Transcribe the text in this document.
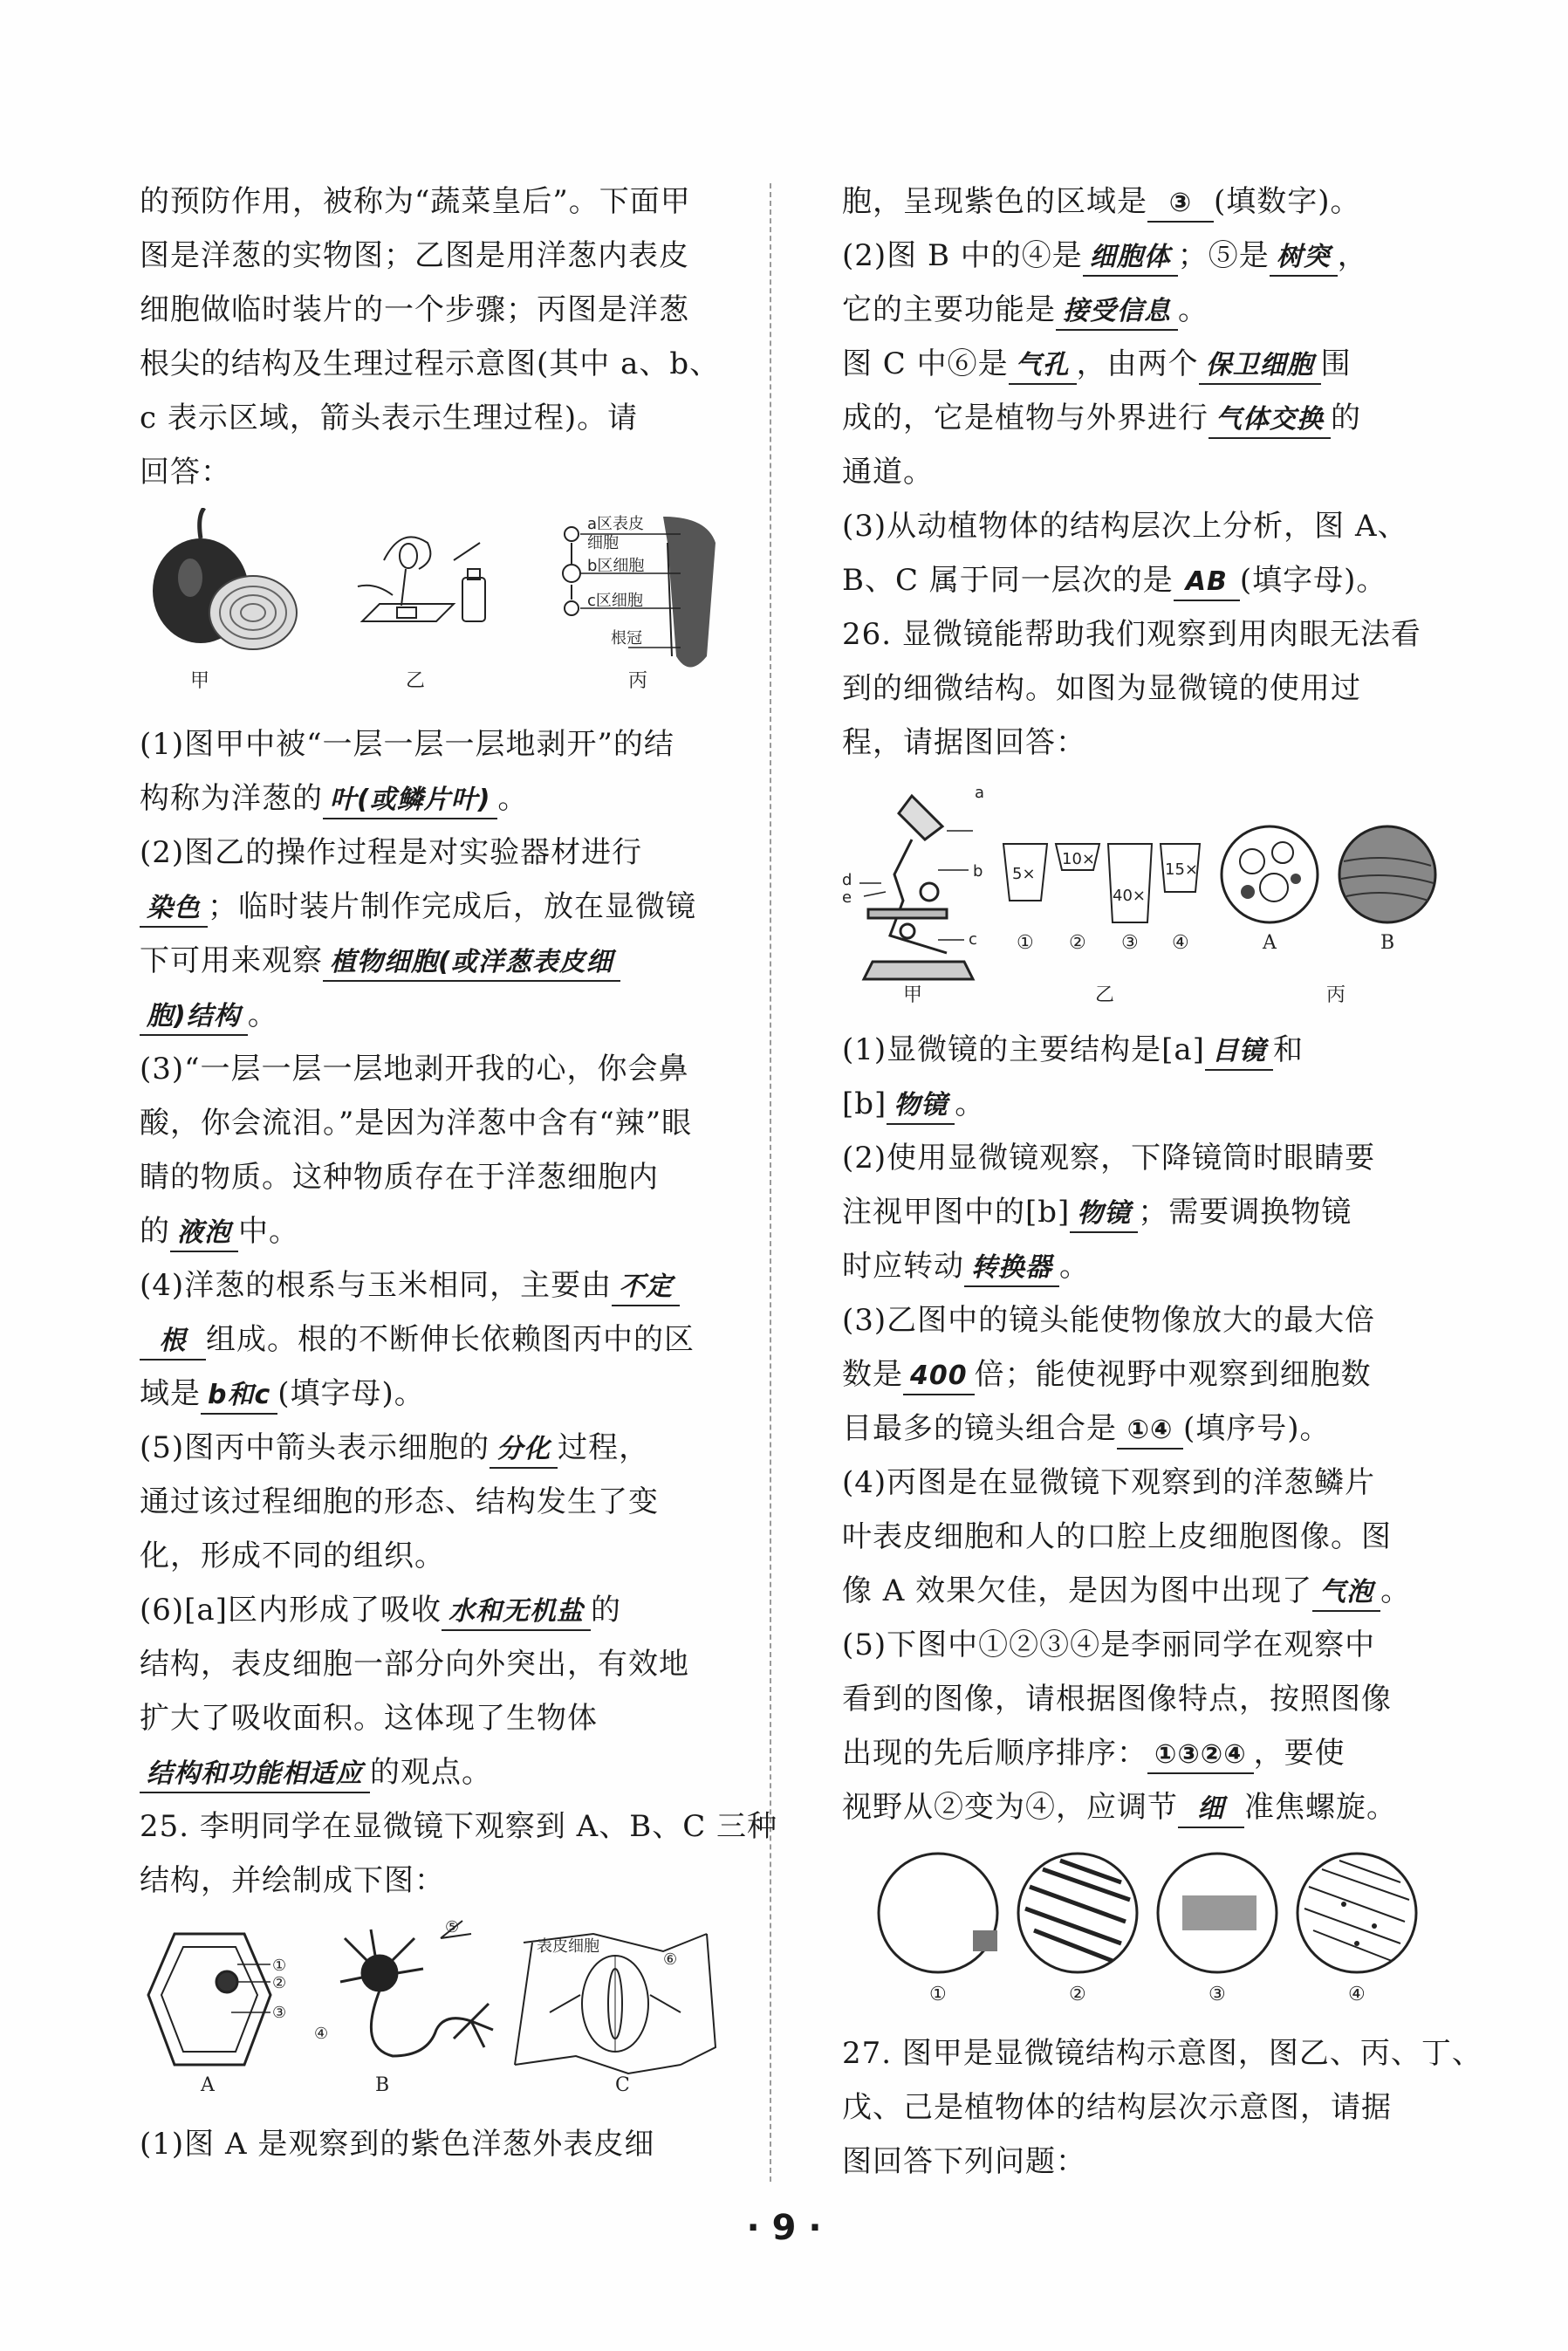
的预防作用，被称为“蔬菜皇后”。下面甲

图是洋葱的实物图；乙图是用洋葱内表皮

细胞做临时装片的一个步骤；丙图是洋葱

根尖的结构及生理过程示意图(其中 a、b、

c 表示区域，箭头表示生理过程)。请

回答：

甲	乙
a区表皮
细胞
b区细胞
c区细胞
根冠
丙

(1)图甲中被“一层一层一层地剥开”的结

构称为洋葱的 叶(或鳞片叶) 。

(2)图乙的操作过程是对实验器材进行

染色 ；临时装片制作完成后，放在显微镜

下可用来观察 植物细胞(或洋葱表皮细

胞)结构 。

(3)“一层一层一层地剥开我的心，你会鼻

酸，你会流泪。”是因为洋葱中含有“辣”眼

睛的物质。这种物质存在于洋葱细胞内

的 液泡 中。

(4)洋葱的根系与玉米相同，主要由 不定

根 组成。根的不断伸长依赖图丙中的区

域是 b和c (填字母)。

(5)图丙中箭头表示细胞的 分化 过程，

通过该过程细胞的形态、结构发生了变

化，形成不同的组织。

(6)[a]区内形成了吸收 水和无机盐 的

结构，表皮细胞一部分向外突出，有效地

扩大了吸收面积。这体现了生物体

结构和功能相适应 的观点。

25. 李明同学在显微镜下观察到 A、B、C 三种

结构，并绘制成下图：

①
②
③
A
⑤
④
B
表皮细胞
⑥
C

(1)图 A 是观察到的紫色洋葱外表皮细

胞，呈现紫色的区域是 ③ (填数字)。

(2)图 B 中的④是 细胞体 ；⑤是 树突 ，

它的主要功能是 接受信息 。

图 C 中⑥是 气孔 ，由两个 保卫细胞 围

成的，它是植物与外界进行 气体交换 的

通道。

(3)从动植物体的结构层次上分析，图 A、

B、C 属于同一层次的是 AB (填字母)。

26. 显微镜能帮助我们观察到用肉眼无法看

到的细微结构。如图为显微镜的使用过

程，请据图回答：

a
b
c
d
e
甲
5×
10×
40×
15×
① ② ③ ④
乙
A	B
丙

(1)显微镜的主要结构是[a] 目镜 和

[b] 物镜 。

(2)使用显微镜观察，下降镜筒时眼睛要

注视甲图中的[b] 物镜 ；需要调换物镜

时应转动 转换器 。

(3)乙图中的镜头能使物像放大的最大倍

数是 400 倍；能使视野中观察到细胞数

目最多的镜头组合是 ①④ (填序号)。

(4)丙图是在显微镜下观察到的洋葱鳞片

叶表皮细胞和人的口腔上皮细胞图像。图

像 A 效果欠佳，是因为图中出现了 气泡 。

(5)下图中①②③④是李丽同学在观察中

看到的图像，请根据图像特点，按照图像

出现的先后顺序排序： ①③②④ ，要使

视野从②变为④，应调节 细 准焦螺旋。

①	②	③	④

27. 图甲是显微镜结构示意图，图乙、丙、丁、

戊、己是植物体的结构层次示意图，请据

图回答下列问题：

· 9 ·
